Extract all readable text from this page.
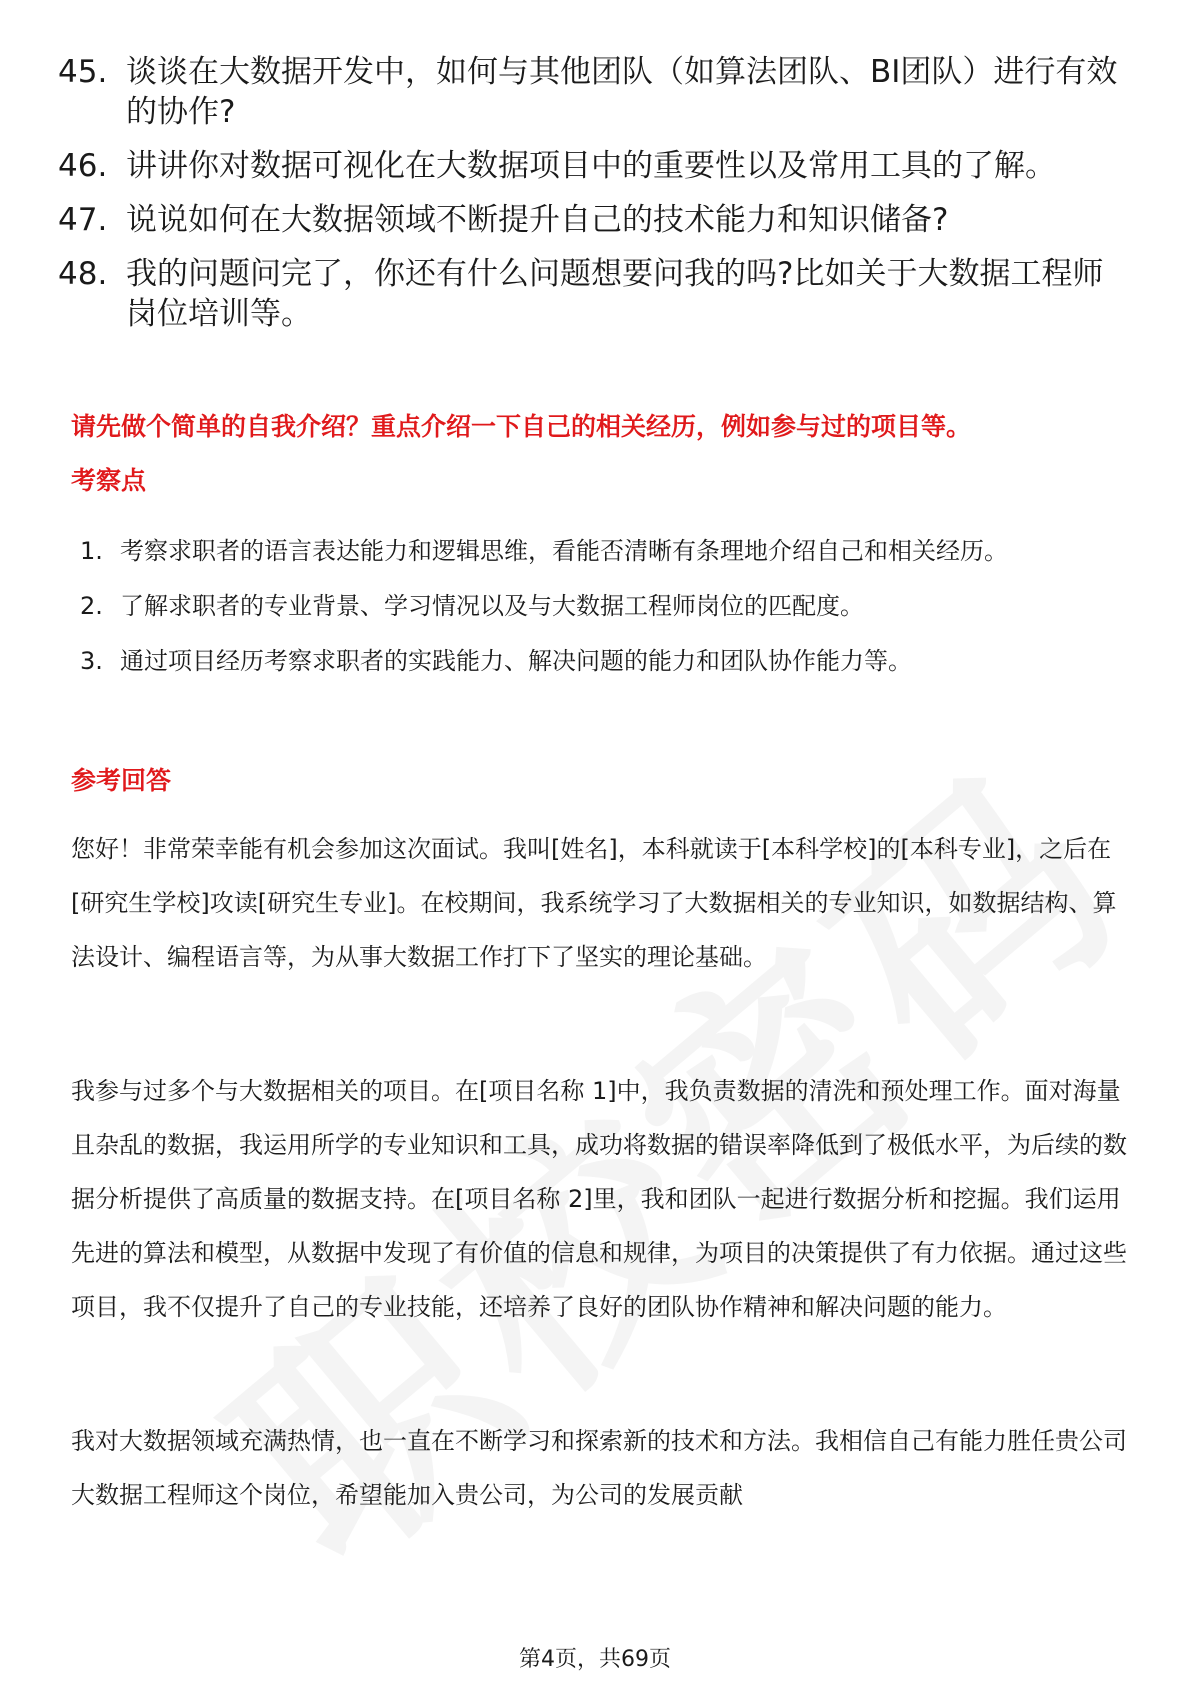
45. 谈谈在大数据开发中，如何与其他团队（如算法团队、BI团队）进行有效的协作?
46. 讲讲你对数据可视化在大数据项目中的重要性以及常用工具的了解。
47. 说说如何在大数据领域不断提升自己的技术能力和知识储备?
48. 我的问题问完了，你还有什么问题想要问我的吗?比如关于大数据工程师岗位培训等。
请先做个简单的自我介绍？重点介绍一下自己的相关经历，例如参与过的项目等。
考察点
1. 考察求职者的语言表达能力和逻辑思维，看能否清晰有条理地介绍自己和相关经历。
2. 了解求职者的专业背景、学习情况以及与大数据工程师岗位的匹配度。
3. 通过项目经历考察求职者的实践能力、解决问题的能力和团队协作能力等。
参考回答

您好！非常荣幸能有机会参加这次面试。我叫[姓名]，本科就读于[本科学校]的[本科专业]，之后在[研究生学校]攻读[研究生专业]。在校期间，我系统学习了大数据相关的专业知识，如数据结构、算法设计、编程语言等，为从事大数据工作打下了坚实的理论基础。

我参与过多个与大数据相关的项目。在[项目名称 1]中，我负责数据的清洗和预处理工作。面对海量且杂乱的数据，我运用所学的专业知识和工具，成功将数据的错误率降低到了极低水平，为后续的数据分析提供了高质量的数据支持。在[项目名称 2]里，我和团队一起进行数据分析和挖掘。我们运用先进的算法和模型，从数据中发现了有价值的信息和规律，为项目的决策提供了有力依据。通过这些项目，我不仅提升了自己的专业技能，还培养了良好的团队协作精神和解决问题的能力。

我对大数据领域充满热情，也一直在不断学习和探索新的技术和方法。我相信自己有能力胜任贵公司大数据工程师这个岗位，希望能加入贵公司，为公司的发展贡献

第4页，共69页
